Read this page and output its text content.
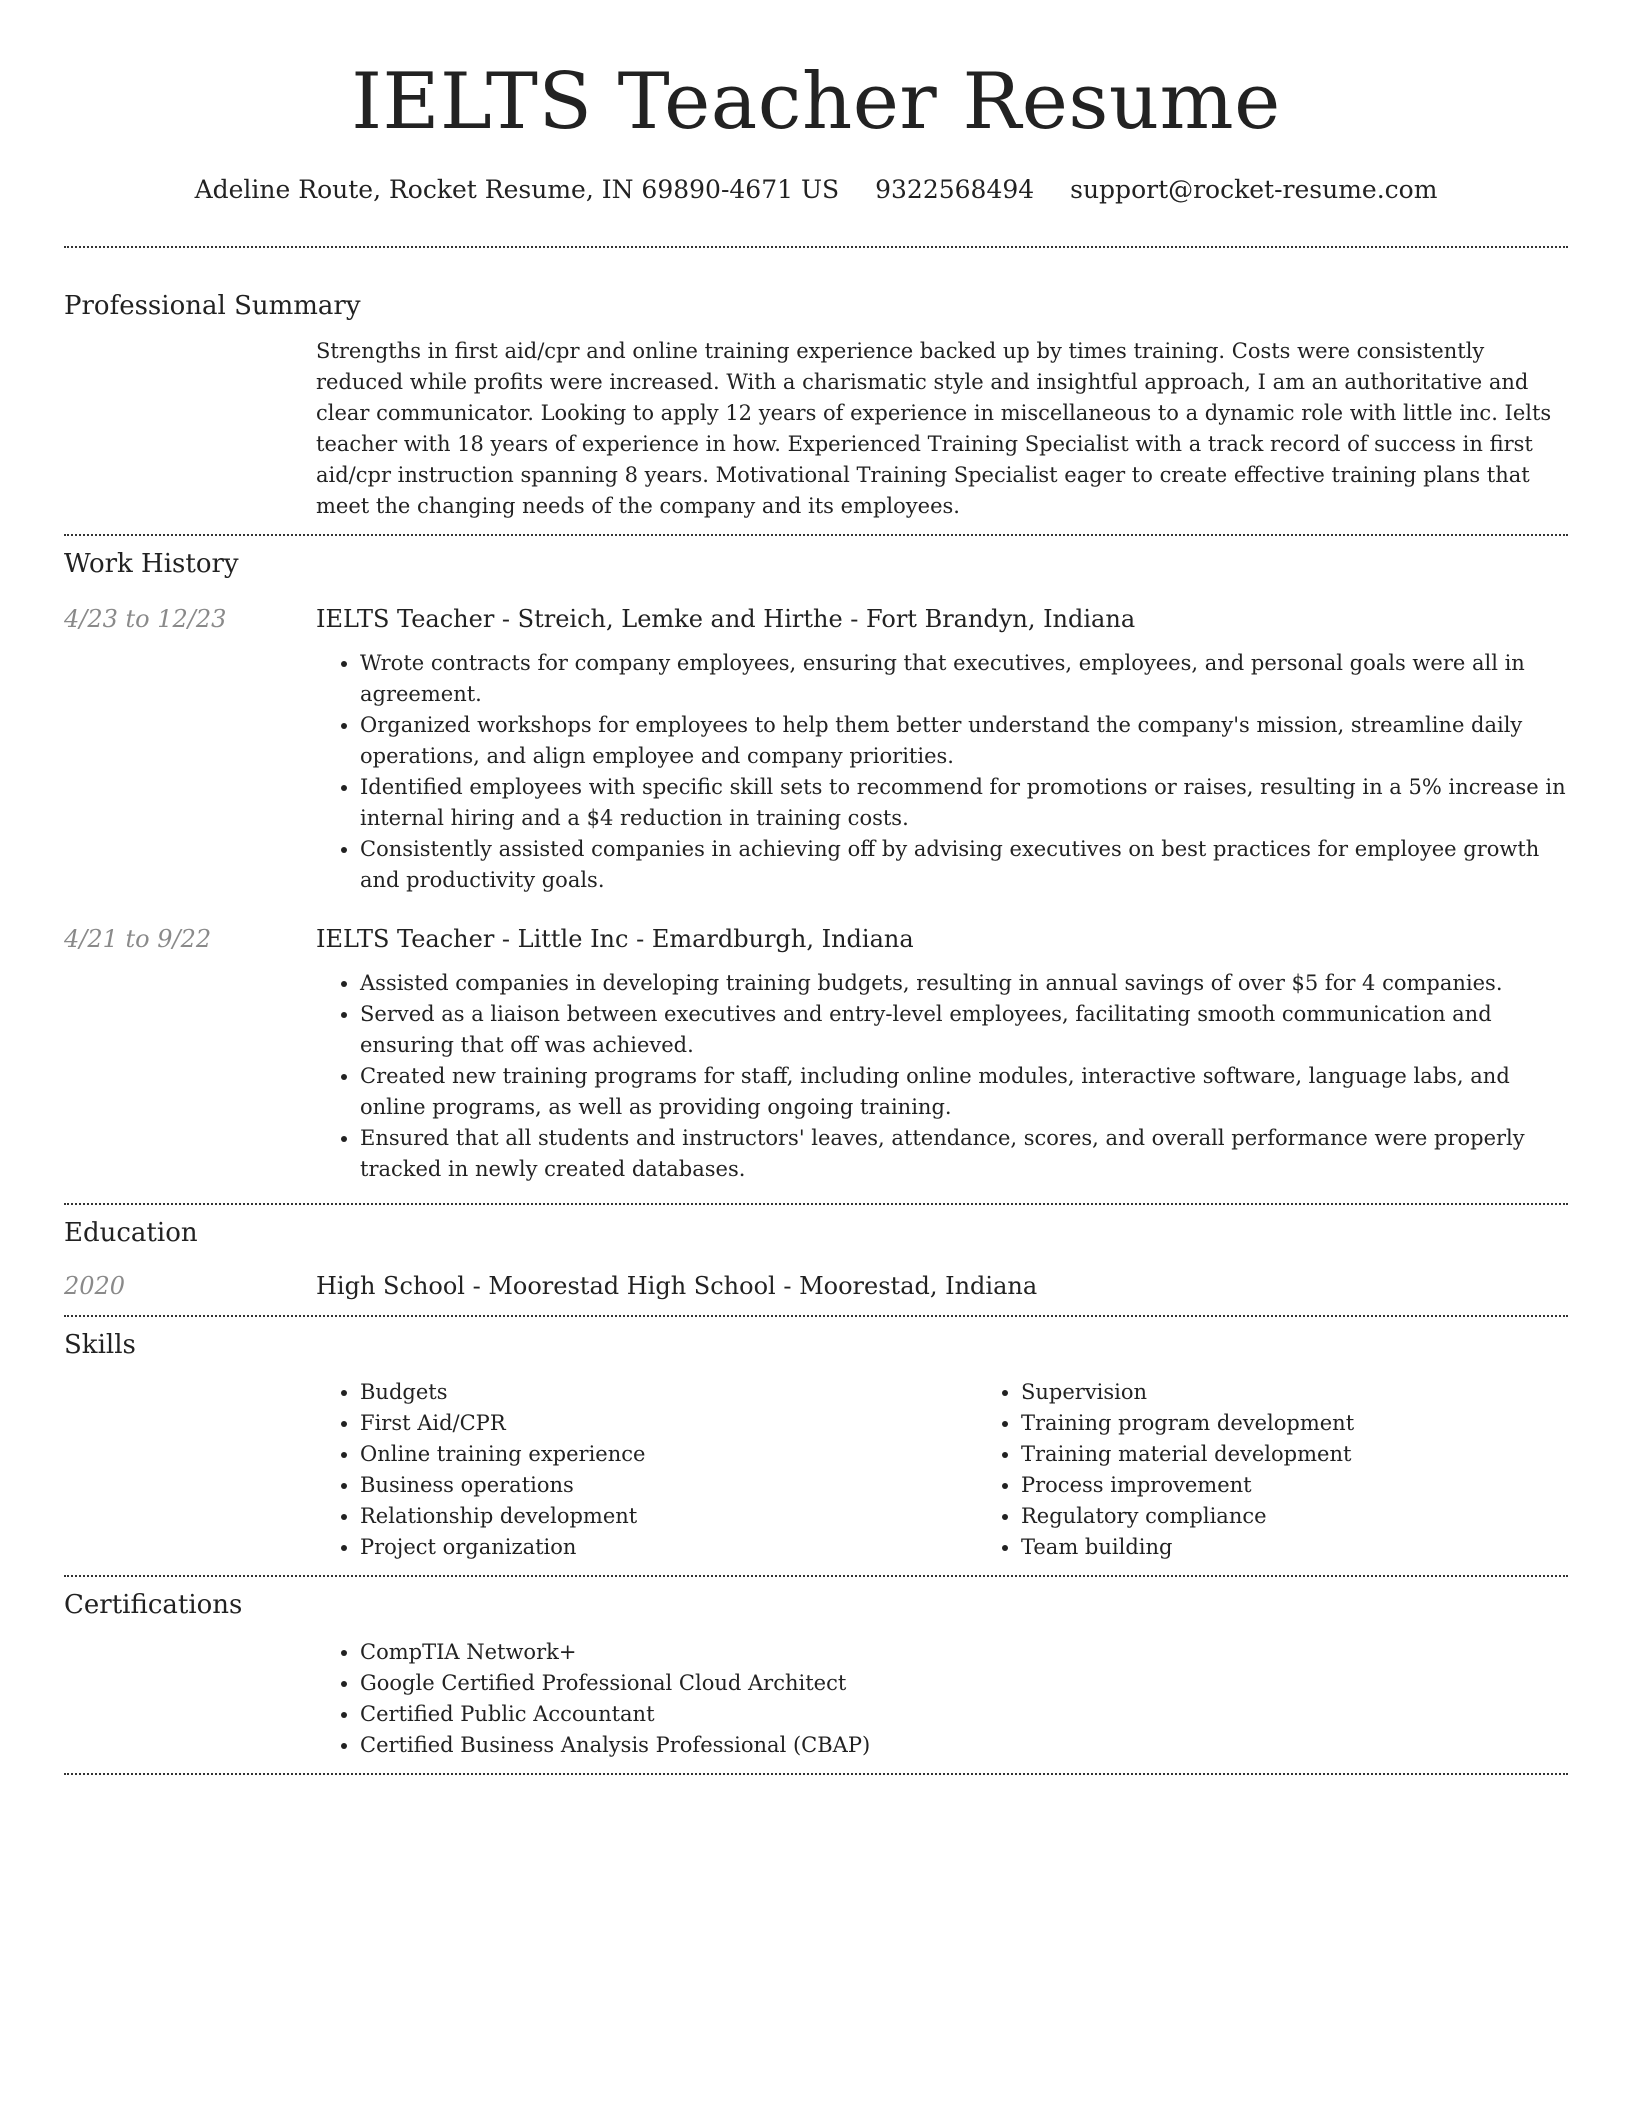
IELTS Teacher Resume
Adeline Route, Rocket Resume, IN 69890-4671 US 9322568494 support@rocket-resume.com
Professional Summary
Strengths in first aid/cpr and online training experience backed up by times training. Costs were consistently reduced while profits were increased. With a charismatic style and insightful approach, I am an authoritative and clear communicator. Looking to apply 12 years of experience in miscellaneous to a dynamic role with little inc. Ielts teacher with 18 years of experience in how. Experienced Training Specialist with a track record of success in first aid/cpr instruction spanning 8 years. Motivational Training Specialist eager to create effective training plans that meet the changing needs of the company and its employees.
Work History
4/23 to 12/23	IELTS Teacher - Streich, Lemke and Hirthe - Fort Brandyn, Indiana
• Wrote contracts for company employees, ensuring that executives, employees, and personal goals were all in agreement.
• Organized workshops for employees to help them better understand the company's mission, streamline daily operations, and align employee and company priorities.
• Identified employees with specific skill sets to recommend for promotions or raises, resulting in a 5% increase in internal hiring and a $4 reduction in training costs.
• Consistently assisted companies in achieving off by advising executives on best practices for employee growth and productivity goals.
4/21 to 9/22	IELTS Teacher - Little Inc - Emardburgh, Indiana
• Assisted companies in developing training budgets, resulting in annual savings of over $5 for 4 companies.
• Served as a liaison between executives and entry-level employees, facilitating smooth communication and ensuring that off was achieved.
• Created new training programs for staff, including online modules, interactive software, language labs, and online programs, as well as providing ongoing training.
• Ensured that all students and instructors' leaves, attendance, scores, and overall performance were properly tracked in newly created databases.
Education
2020	High School - Moorestad High School - Moorestad, Indiana
Skills
• Budgets
• First Aid/CPR
• Online training experience
• Business operations
• Relationship development
• Project organization
• Supervision
• Training program development
• Training material development
• Process improvement
• Regulatory compliance
• Team building
Certifications
• CompTIA Network+
• Google Certified Professional Cloud Architect
• Certified Public Accountant
• Certified Business Analysis Professional (CBAP)
